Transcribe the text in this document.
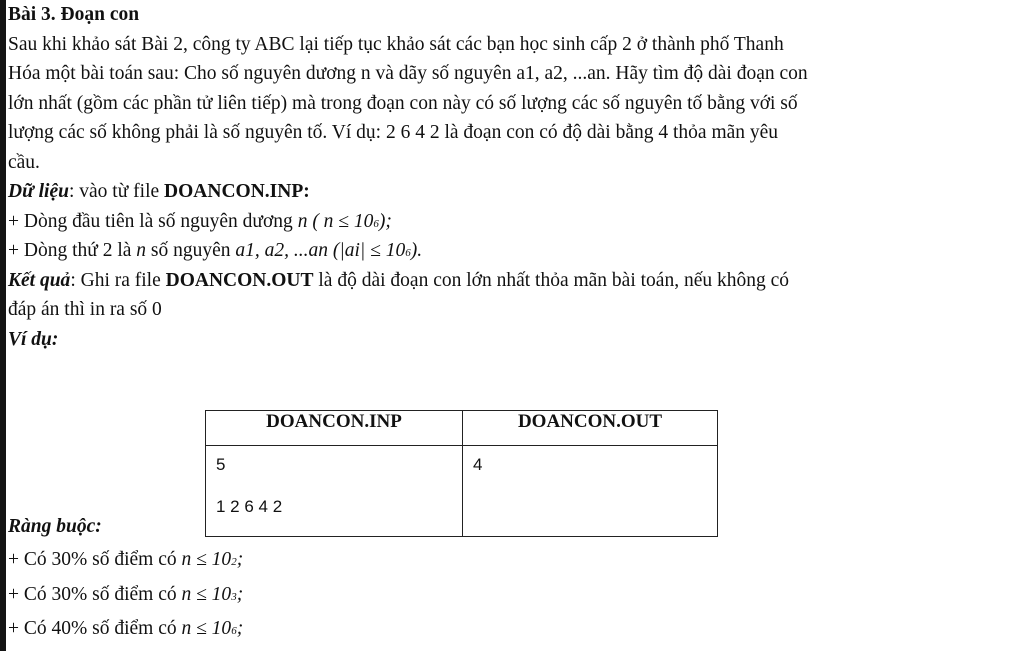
Bài 3. Đoạn con
Sau khi khảo sát Bài 2, công ty ABC lại tiếp tục khảo sát các bạn học sinh cấp 2 ở thành phố Thanh
Hóa một bài toán sau: Cho số nguyên dương n và dãy số nguyên a1, a2, ...an. Hãy tìm độ dài đoạn con
lớn nhất (gồm các phần tử liên tiếp) mà trong đoạn con này có số lượng các số nguyên tố bằng với số
lượng các số không phải là số nguyên tố. Ví dụ: 2 6 4 2 là đoạn con có độ dài bằng 4 thỏa mãn yêu
cầu.
Dữ liệu: vào từ file DOANCON.INP:
+ Dòng đầu tiên là số nguyên dương n ( n ≤ 106);
+ Dòng thứ 2 là n số nguyên a1, a2, ...an (|ai| ≤ 106).
Kết quả: Ghi ra file DOANCON.OUT là độ dài đoạn con lớn nhất thỏa mãn bài toán, nếu không có
đáp án thì in ra số 0
Ví dụ:
DOANCON.INP	DOANCON.OUT

5
1 2 6 4 2	4
Ràng buộc:
+ Có 30% số điểm có n ≤ 102;
+ Có 30% số điểm có n ≤ 103;
+ Có 40% số điểm có n ≤ 106;
